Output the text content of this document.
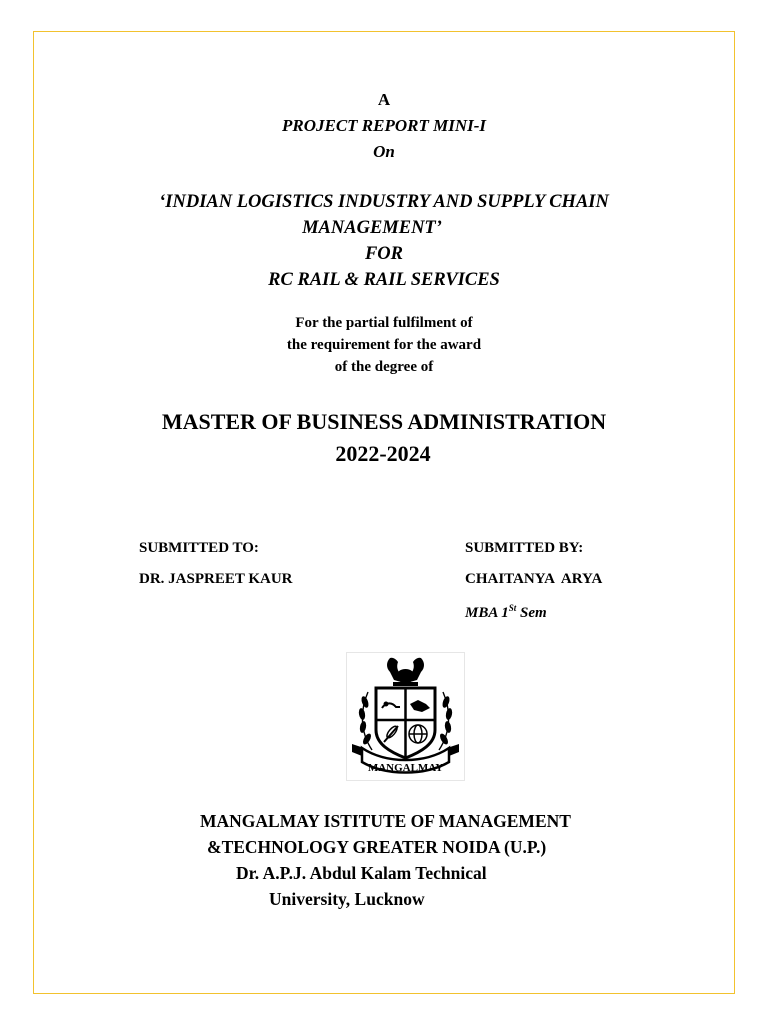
A
PROJECT REPORT MINI-I
On
‘INDIAN LOGISTICS INDUSTRY AND SUPPLY CHAIN
MANAGEMENT’
FOR
RC RAIL & RAIL SERVICES
For the partial fulfilment of
the requirement for the award
of the degree of
MASTER OF BUSINESS ADMINISTRATION
2022-2024
SUBMITTED TO:
DR. JASPREET KAUR
SUBMITTED BY:
CHAITANYA  ARYA
MBA 1St Sem
MANGALMAY
MANGALMAY ISTITUTE OF MANAGEMENT
&TECHNOLOGY GREATER NOIDA (U.P.)
Dr. A.P.J. Abdul Kalam Technical
University, Lucknow
